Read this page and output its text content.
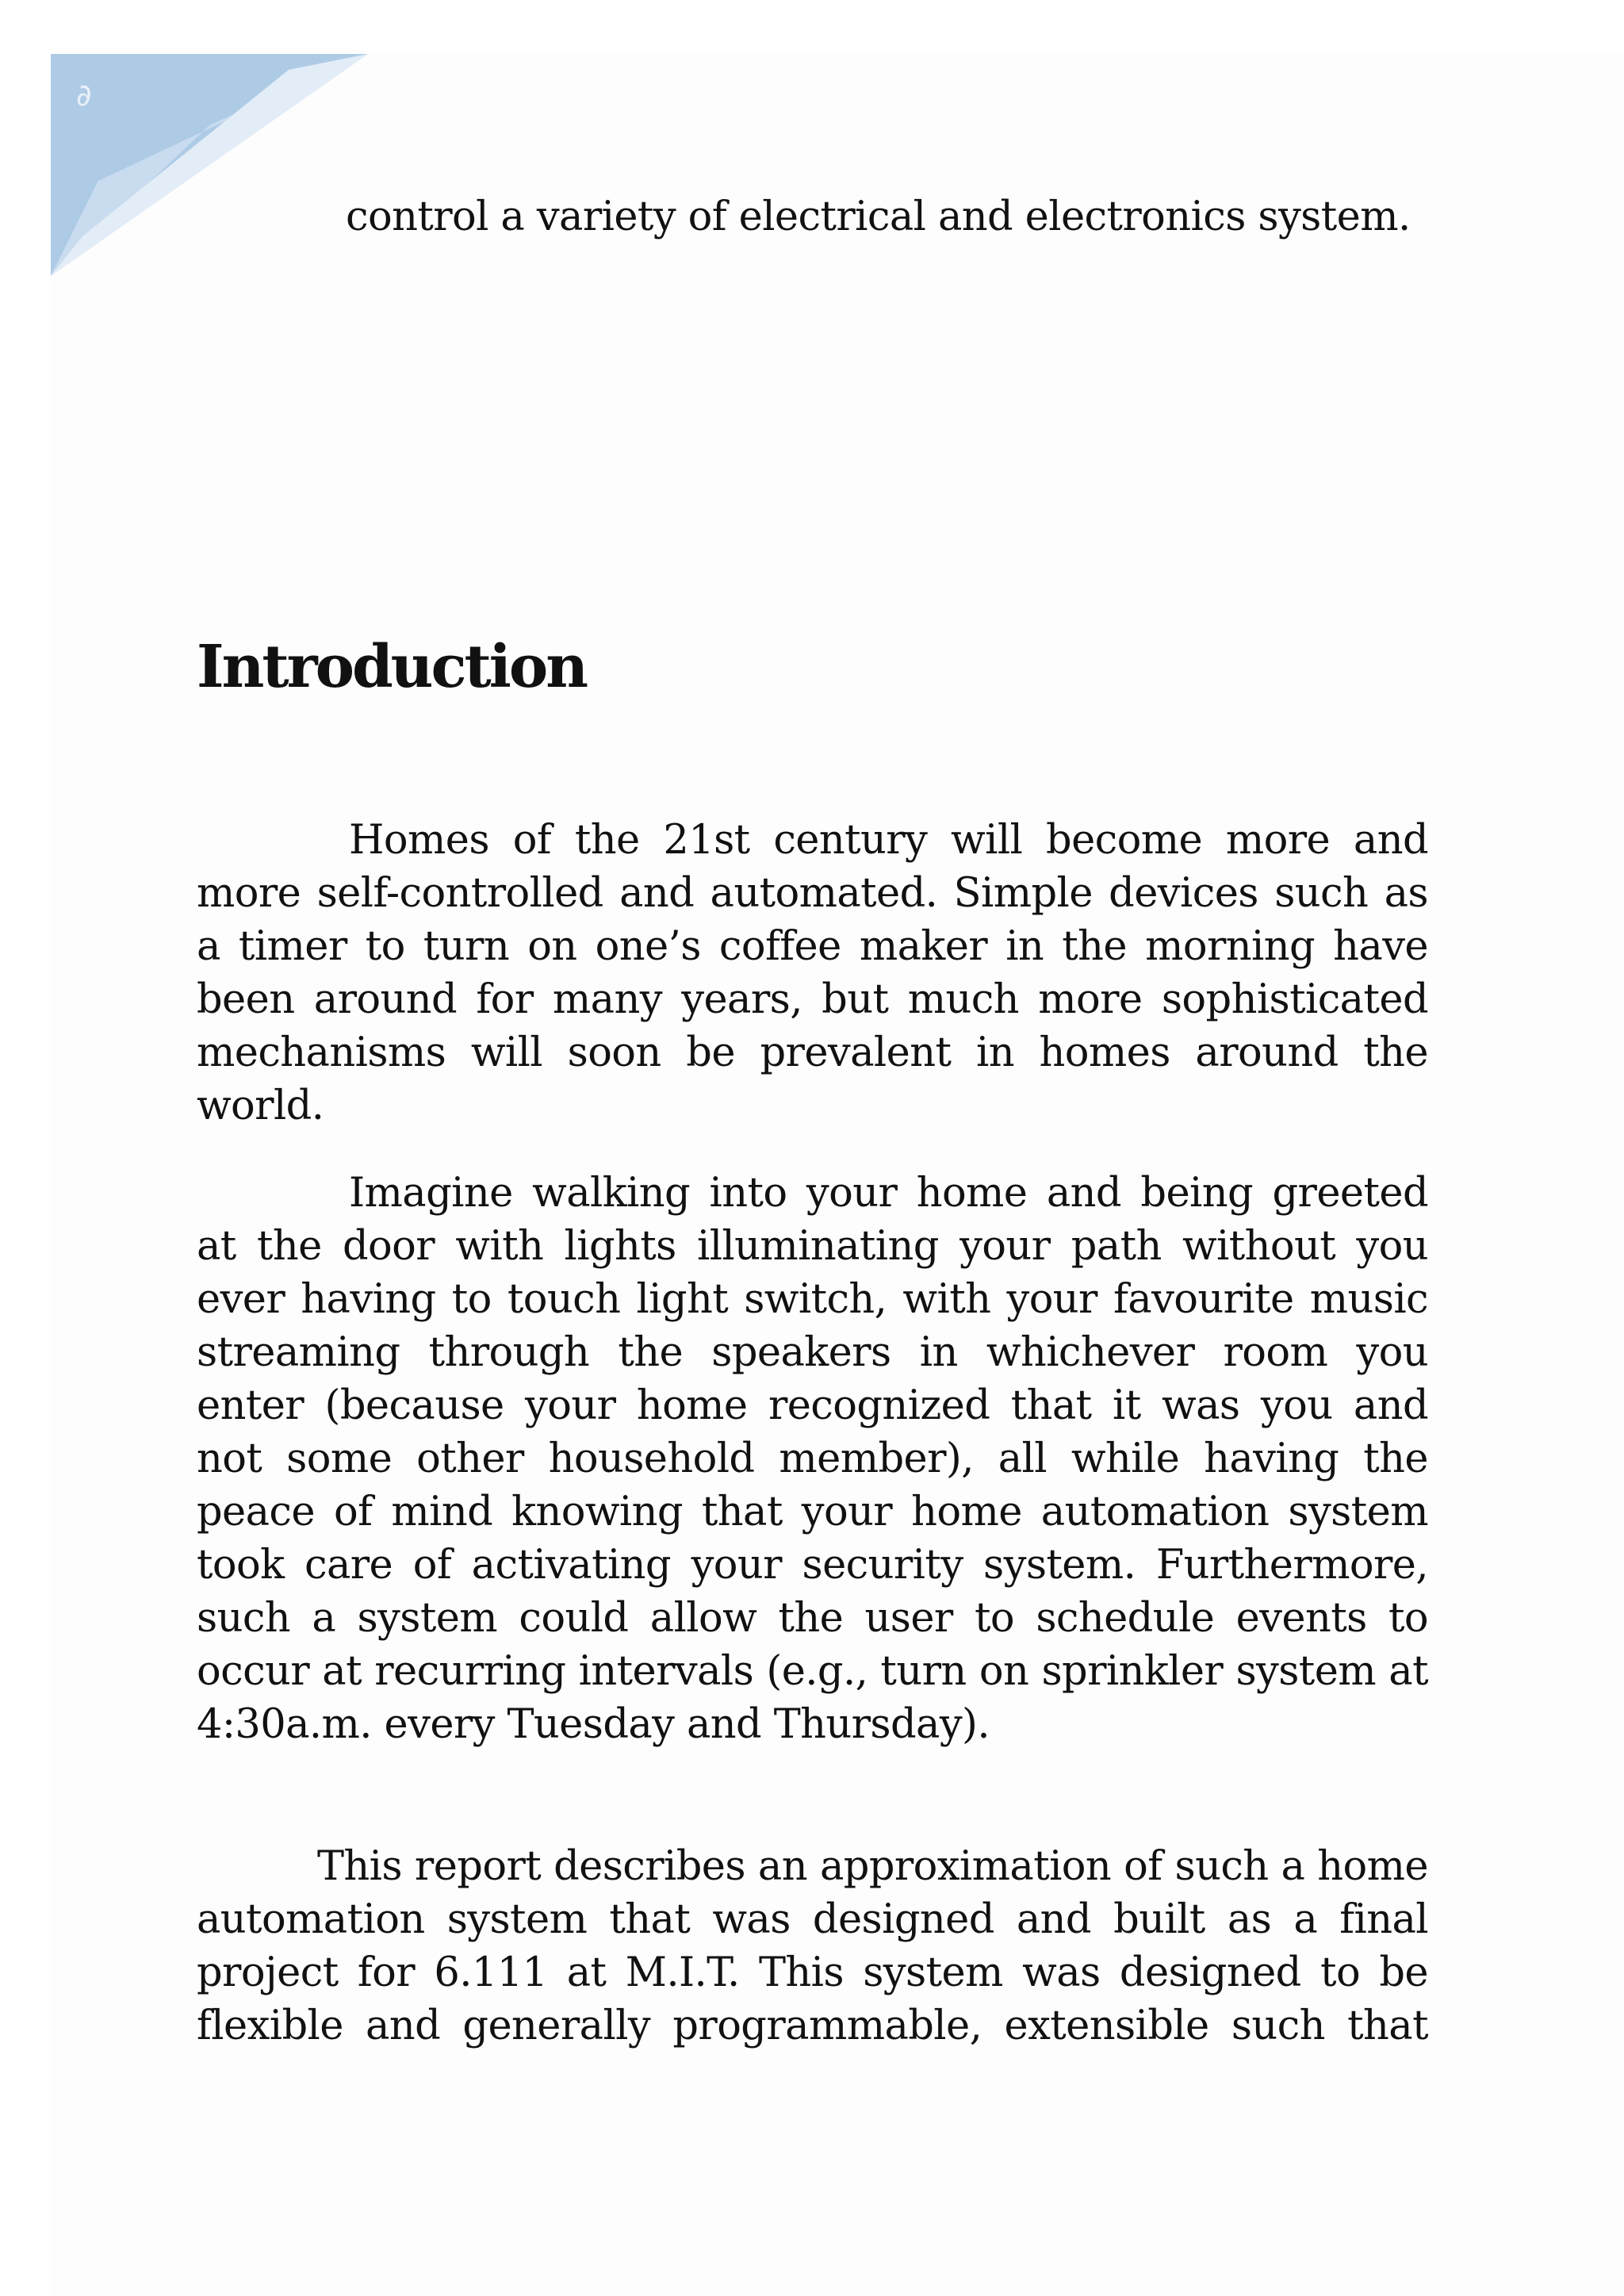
∂
control a variety of electrical and electronics system.
Introduction

Homes of the 21st century will become more and more self-controlled and automated. Simple devices such as a timer to turn on one’s coffee maker in the morning have been around for many years, but much more sophisticated mechanisms will soon be prevalent in homes around the world.

Imagine walking into your home and being greeted at the door with lights illuminating your path without you ever having to touch light switch, with your favourite music streaming through the speakers in whichever room you enter (because your home recognized that it was you and not some other household member), all while having the peace of mind knowing that your home automation system took care of activating your security system. Furthermore, such a system could allow the user to schedule events to occur at recurring intervals (e.g., turn on sprinkler system at 4:30a.m. every Tuesday and Thursday).

This report describes an approximation of such a home automation system that was designed and built as a final project for 6.111 at M.I.T. This system was designed to be flexible and generally programmable, extensible such that
